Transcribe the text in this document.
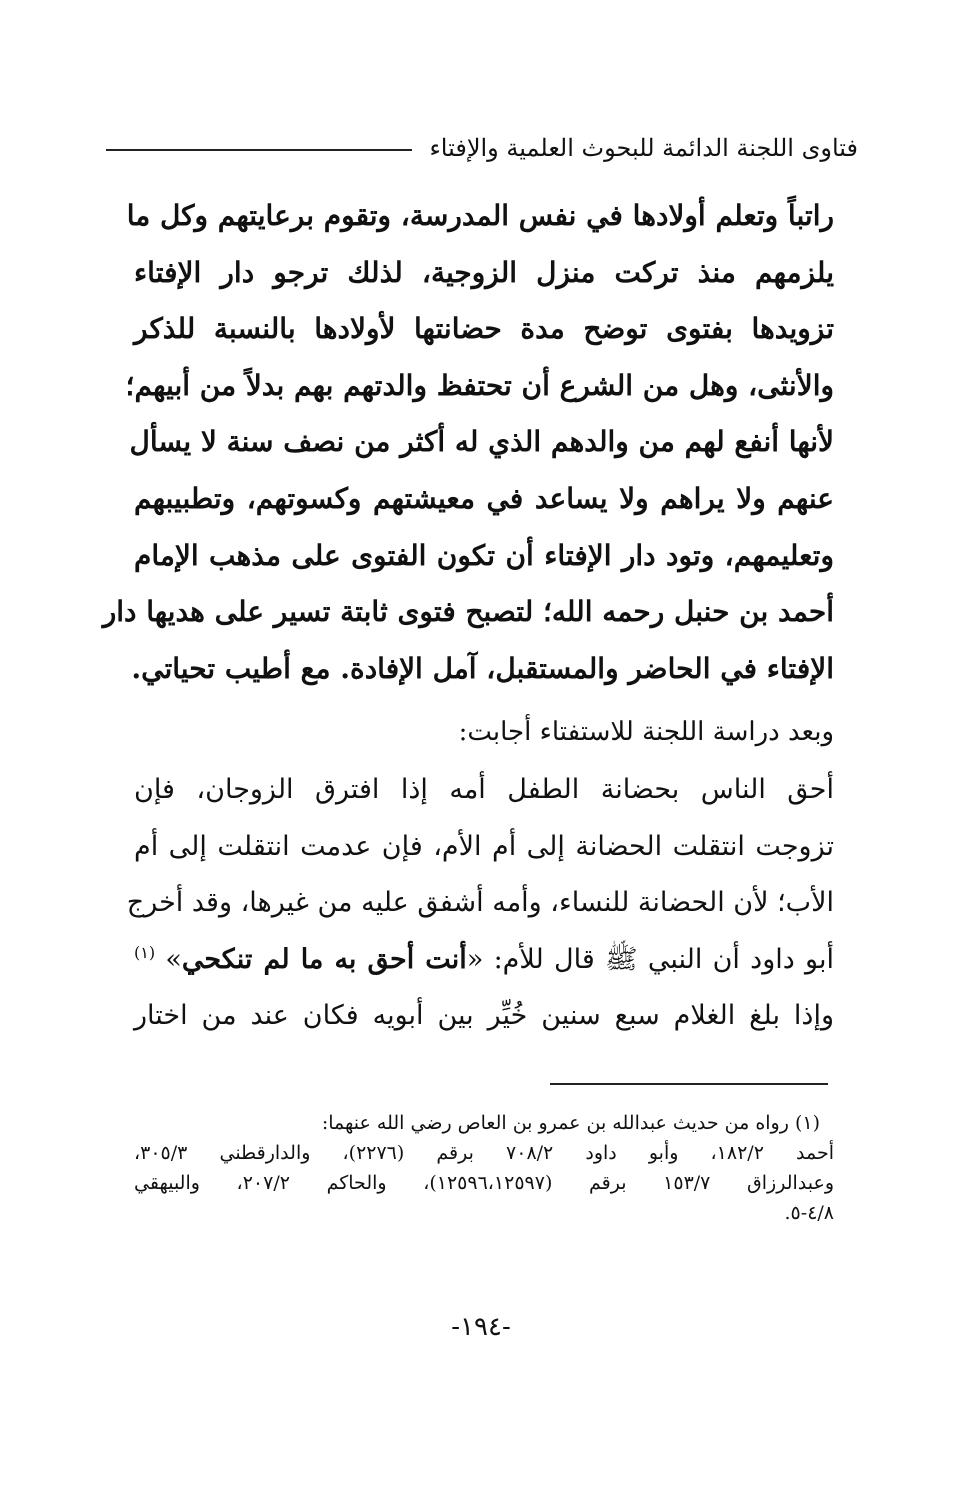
فتاوى اللجنة الدائمة للبحوث العلمية والإفتاء
راتباً وتعلم أولادها في نفس المدرسة، وتقوم برعايتهم وكل ما
يلزمهم منذ تركت منزل الزوجية، لذلك ترجو دار الإفتاء
تزويدها بفتوى توضح مدة حضانتها لأولادها بالنسبة للذكر
والأنثى، وهل من الشرع أن تحتفظ والدتهم بهم بدلاً من أبيهم؛
لأنها أنفع لهم من والدهم الذي له أكثر من نصف سنة لا يسأل
عنهم ولا يراهم ولا يساعد في معيشتهم وكسوتهم، وتطبيبهم
وتعليمهم، وتود دار الإفتاء أن تكون الفتوى على مذهب الإمام
أحمد بن حنبل رحمه الله؛ لتصبح فتوى ثابتة تسير على هديها دار
الإفتاء في الحاضر والمستقبل، آمل الإفادة. مع أطيب تحياتي.
وبعد دراسة اللجنة للاستفتاء أجابت:
أحق الناس بحضانة الطفل أمه إذا افترق الزوجان، فإن
تزوجت انتقلت الحضانة إلى أم الأم، فإن عدمت انتقلت إلى أم
الأب؛ لأن الحضانة للنساء، وأمه أشفق عليه من غيرها، وقد أخرج
أبو داود أن النبي ﷺ قال للأم: «أنت أحق به ما لم تنكحي» $^{(١)}$
وإذا بلغ الغلام سبع سنين خُيِّر بين أبويه فكان عند من اختار
(١) رواه من حديث عبدالله بن عمرو بن العاص رضي الله عنهما:
أحمد ١٨٢/٢، وأبو داود ٧٠٨/٢ برقم (٢٢٧٦)، والدارقطني ٣٠٥/٣،
وعبدالرزاق ١٥٣/٧ برقم (١٢٥٩٦،١٢٥٩٧)، والحاكم ٢٠٧/٢، والبيهقي
٤/٨-٥.
-١٩٤-
